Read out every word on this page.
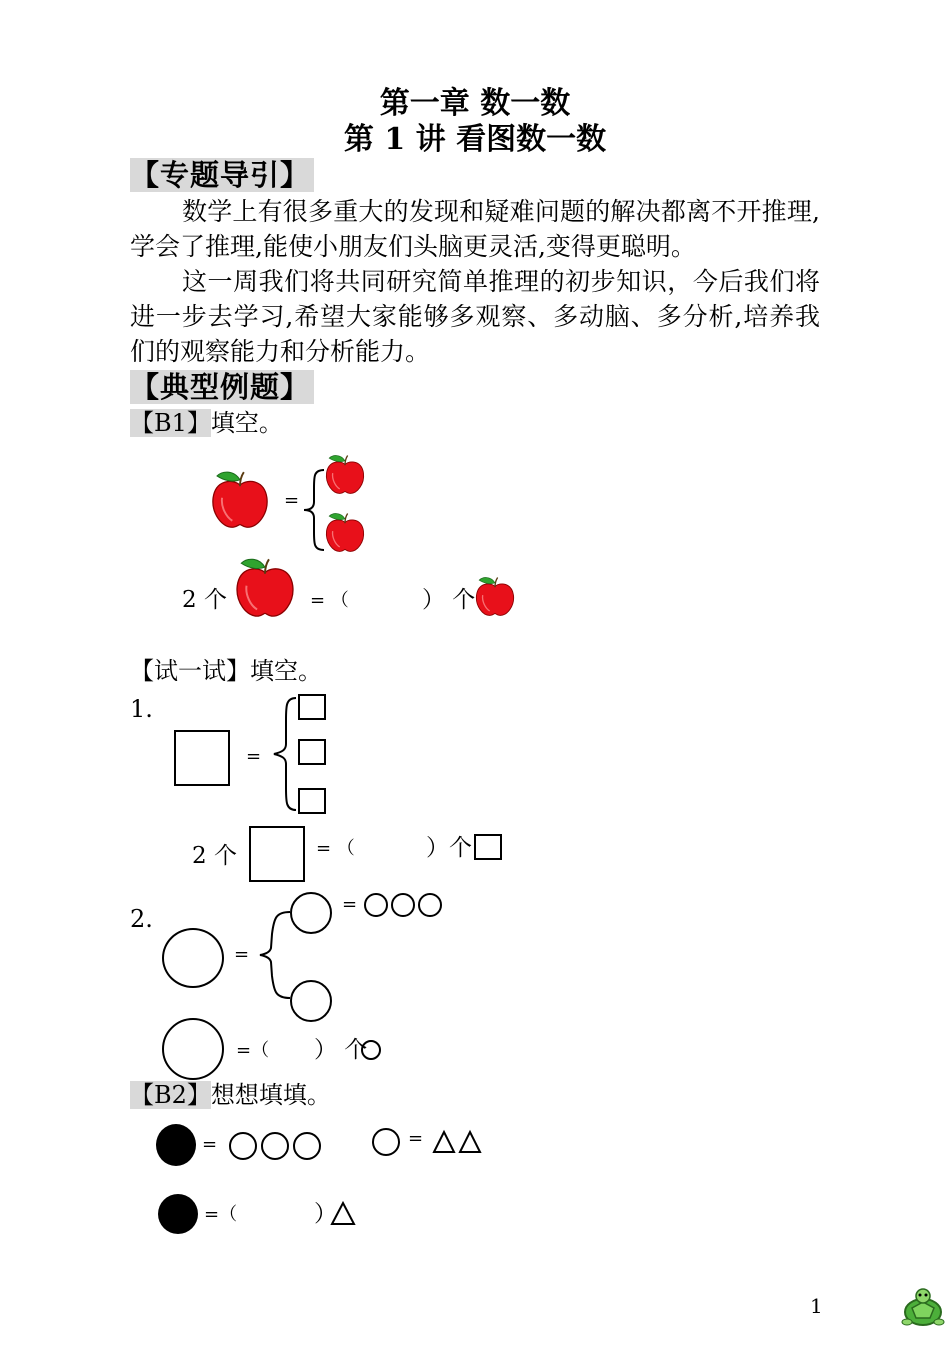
第一章 数一数
第 1 讲 看图数一数
【专题导引】

数学上有很多重大的发现和疑难问题的解决都离不开推理,学会了推理,能使小朋友们头脑更灵活,变得更聪明。

这一周我们将共同研究简单推理的初步知识，今后我们将进一步去学习,希望大家能够多观察、多动脑、多分析,培养我们的观察能力和分析能力。

【典型例题】
【B1】填空。
=
2 个	= （	） 个
【试一试】填空。
1.
=
2 个	= （	）个
2.
=
=
=（ ） 个
【B2】想想填填。
=	=
=（	）
1
